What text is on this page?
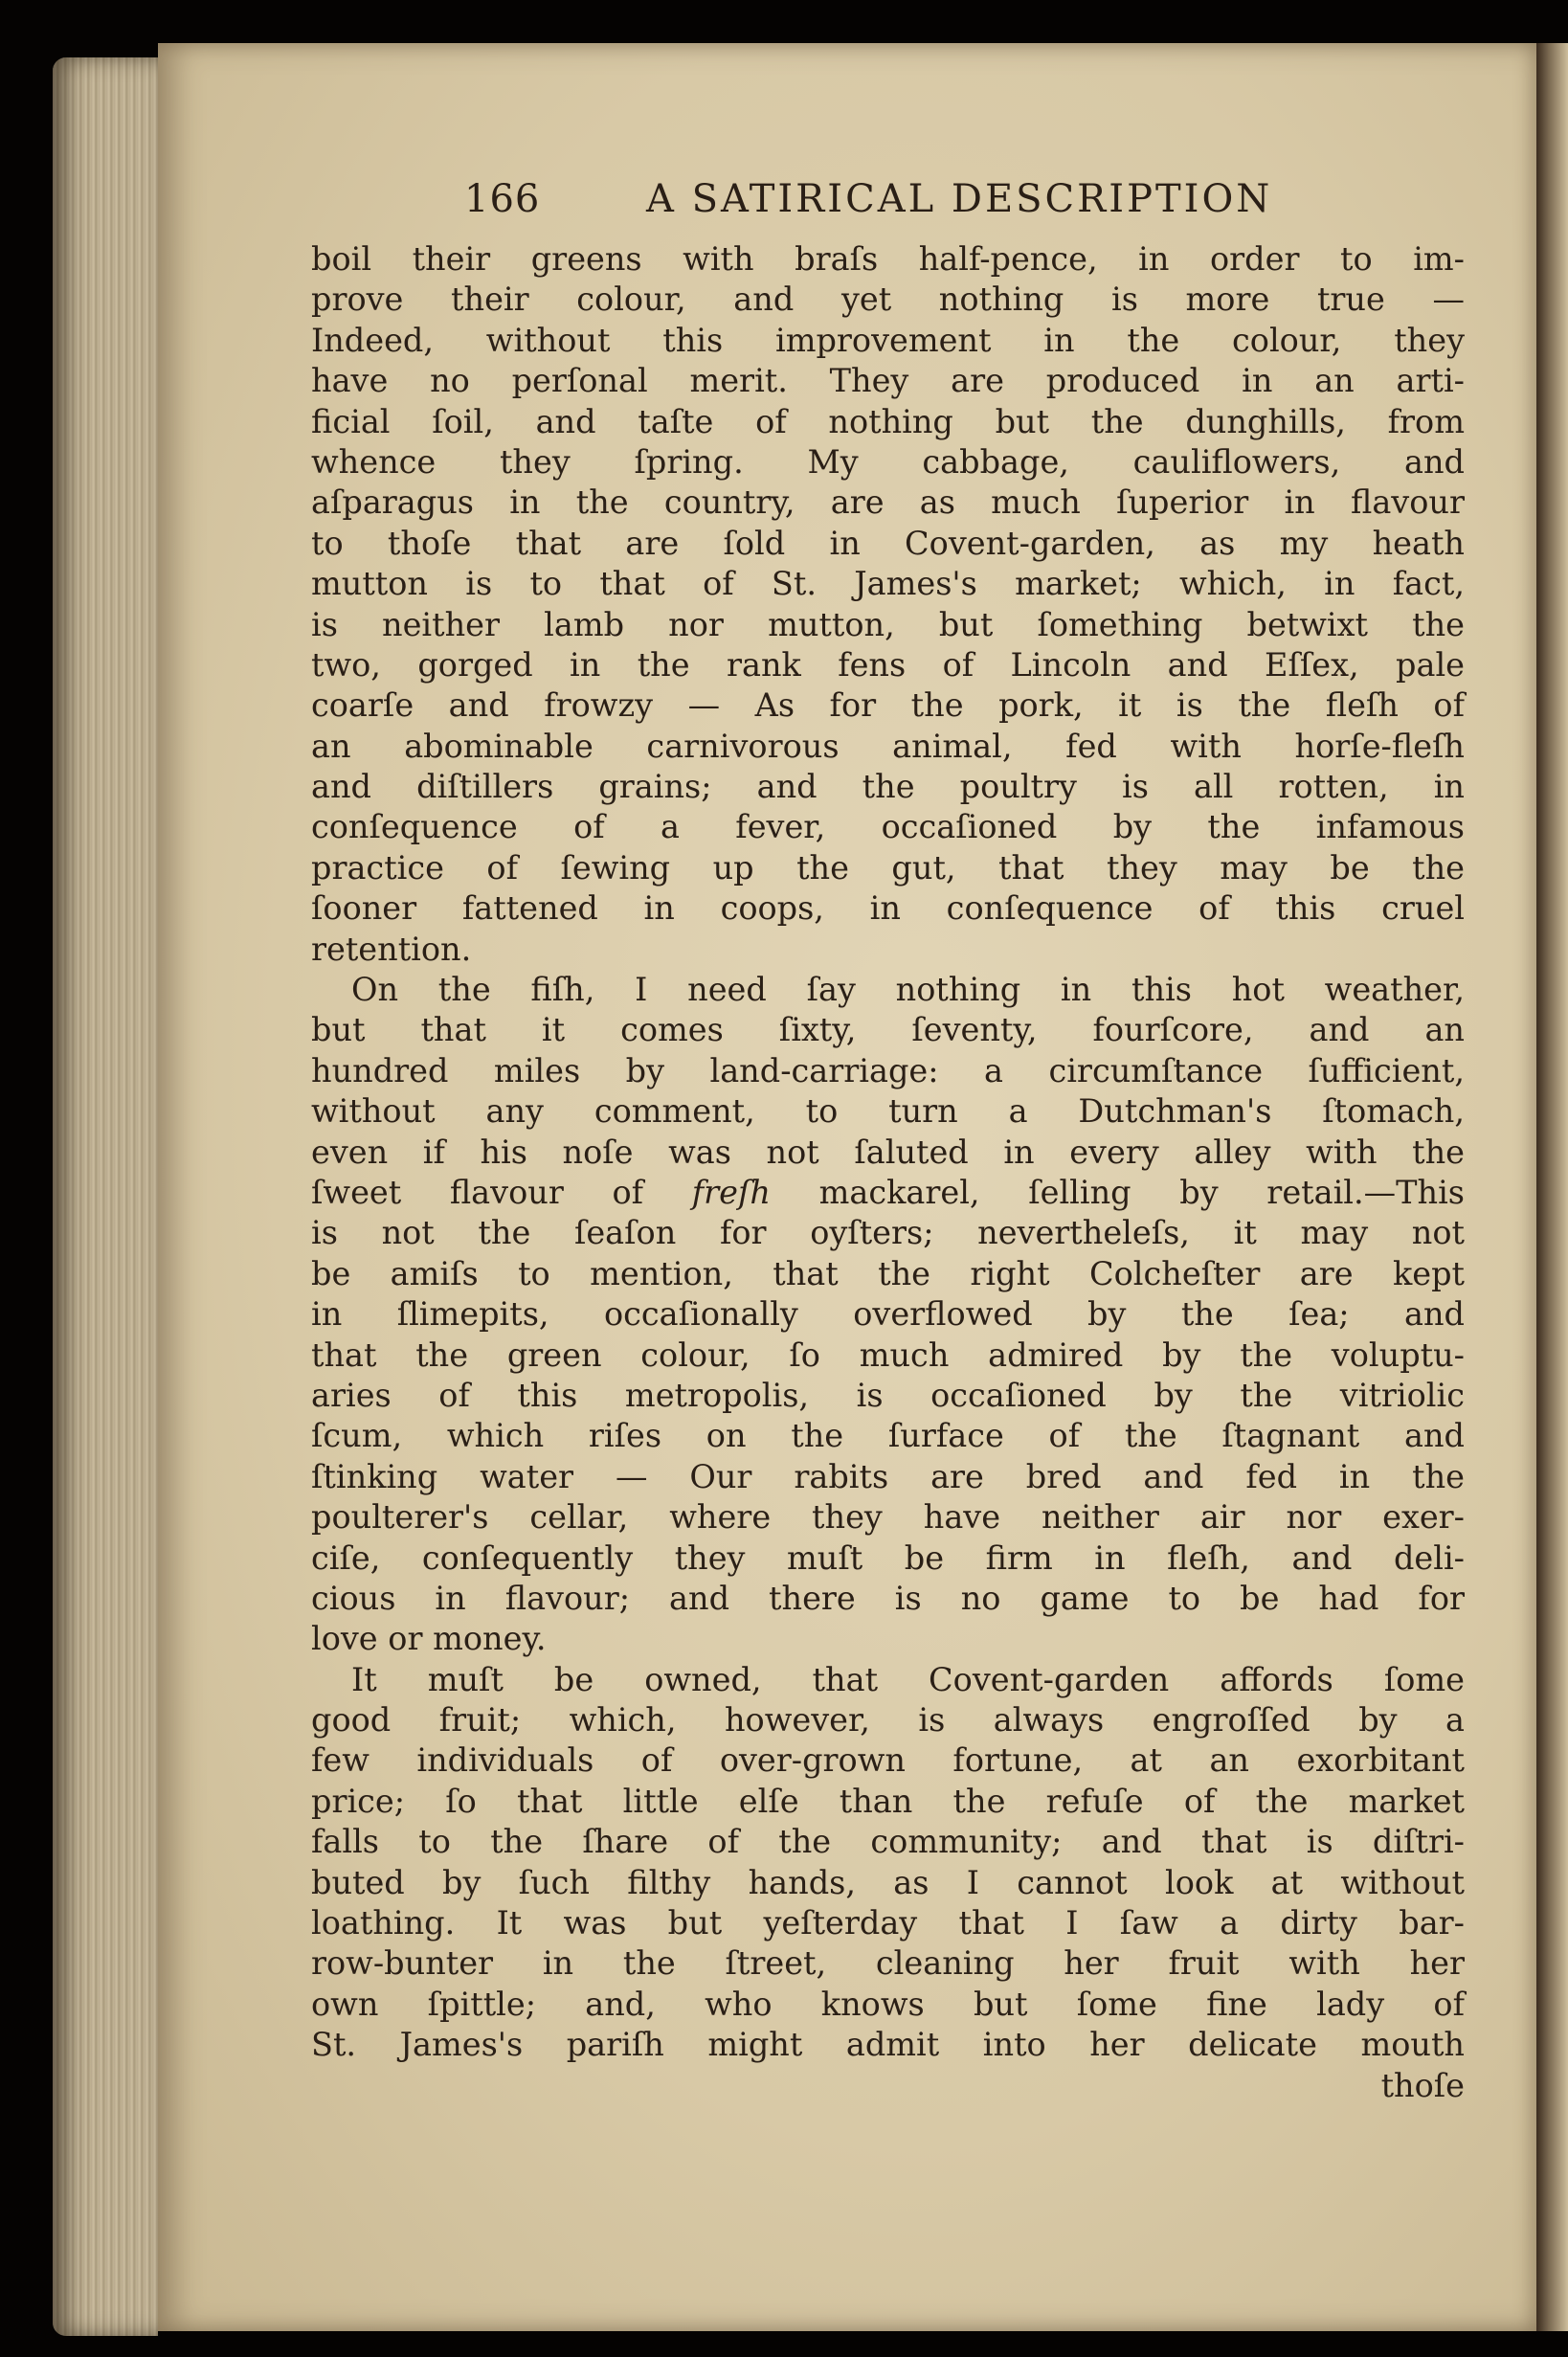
166	A SATIRICAL DESCRIPTION
boil their greens with braſs half-pence, in order to im-
prove their colour, and yet nothing is more true —
Indeed, without this improvement in the colour, they
have no perſonal merit. They are produced in an arti-
ficial ſoil, and taſte of nothing but the dunghills, from
whence they ſpring. My cabbage, cauliflowers, and
aſparagus in the country, are as much ſuperior in flavour
to thoſe that are ſold in Covent-garden, as my heath
mutton is to that of St. James's market; which, in fact,
is neither lamb nor mutton, but ſomething betwixt the
two, gorged in the rank fens of Lincoln and Eſſex, pale
coarſe and frowzy — As for the pork, it is the fleſh of
an abominable carnivorous animal, fed with horſe-fleſh
and diſtillers grains; and the poultry is all rotten, in
conſequence of a fever, occaſioned by the infamous
practice of ſewing up the gut, that they may be the
ſooner fattened in coops, in conſequence of this cruel
retention.
On the fiſh, I need ſay nothing in this hot weather,
but that it comes ſixty, ſeventy, fourſcore, and an
hundred miles by land-carriage: a circumſtance ſufficient,
without any comment, to turn a Dutchman's ſtomach,
even if his noſe was not ſaluted in every alley with the
ſweet flavour of freſh mackarel, ſelling by retail.—This
is not the ſeaſon for oyſters; nevertheleſs, it may not
be amiſs to mention, that the right Colcheſter are kept
in ſlimepits, occaſionally overflowed by the ſea; and
that the green colour, ſo much admired by the voluptu-
aries of this metropolis, is occaſioned by the vitriolic
ſcum, which riſes on the ſurface of the ſtagnant and
ſtinking water — Our rabits are bred and fed in the
poulterer's cellar, where they have neither air nor exer-
ciſe, conſequently they muſt be firm in fleſh, and deli-
cious in flavour; and there is no game to be had for
love or money.
It muſt be owned, that Covent-garden affords ſome
good fruit; which, however, is always engroſſed by a
few individuals of over-grown fortune, at an exorbitant
price; ſo that little elſe than the refuſe of the market
falls to the ſhare of the community; and that is diſtri-
buted by ſuch filthy hands, as I cannot look at without
loathing. It was but yeſterday that I ſaw a dirty bar-
row-bunter in the ſtreet, cleaning her fruit with her
own ſpittle; and, who knows but ſome fine lady of
St. James's pariſh might admit into her delicate mouth
thoſe
